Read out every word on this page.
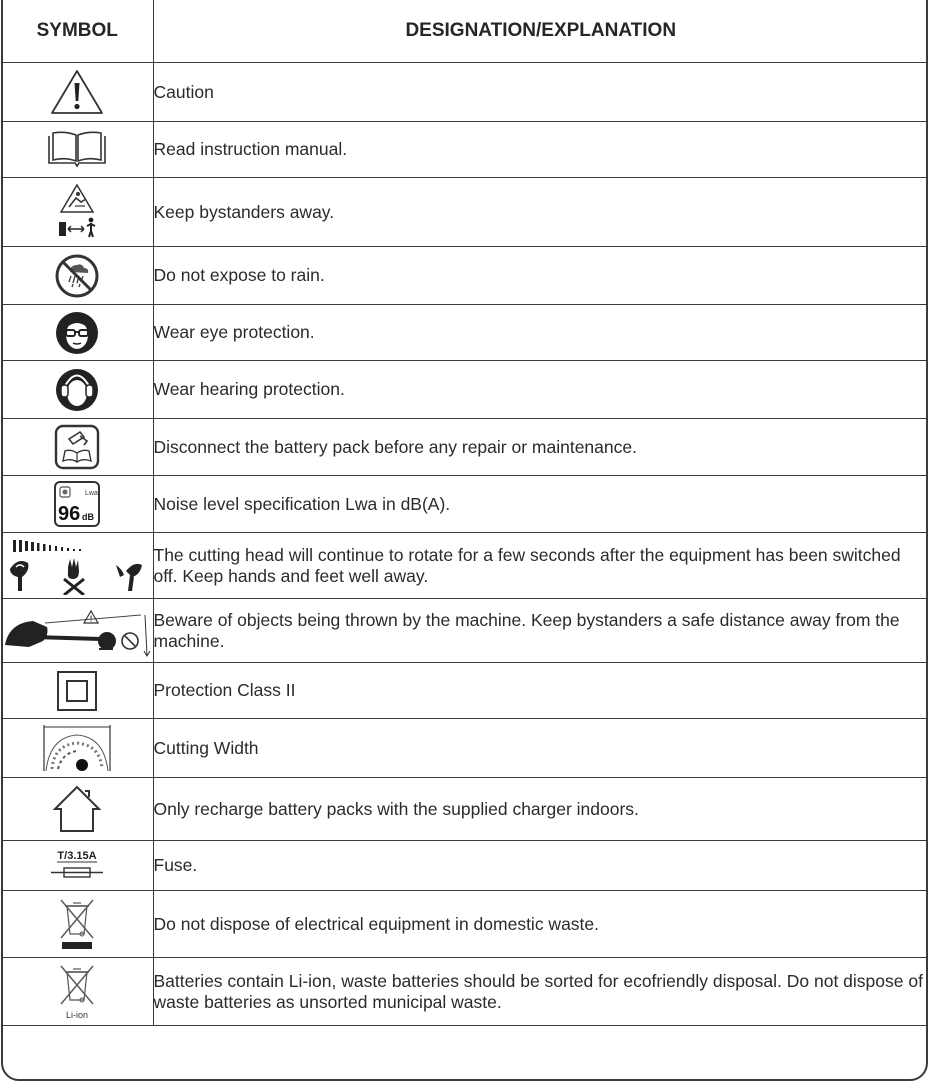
SYMBOL	DESIGNATION/EXPLANATION

	Caution

	Read instruction manual.

	Keep bystanders away.

	Do not expose to rain.

	Wear eye protection.

	Wear hearing protection.

	Disconnect the battery pack before any repair or maintenance.

Lwa
96 dB	Noise level specification Lwa in dB(A).

	The cutting head will continue to rotate for a few seconds after the equipment has been switched off. Keep hands and feet well away.

!	Beware of objects being thrown by the machine. Keep bystanders a safe distance away from the machine.

	Protection Class II

	Cutting Width

	Only recharge battery packs with the supplied charger indoors.

T/3.15A	Fuse.

	Do not dispose of electrical equipment in domestic waste.

Li-ion	Batteries contain Li-ion, waste batteries should be sorted for ecofriendly disposal. Do not dispose of waste batteries as unsorted municipal waste.
